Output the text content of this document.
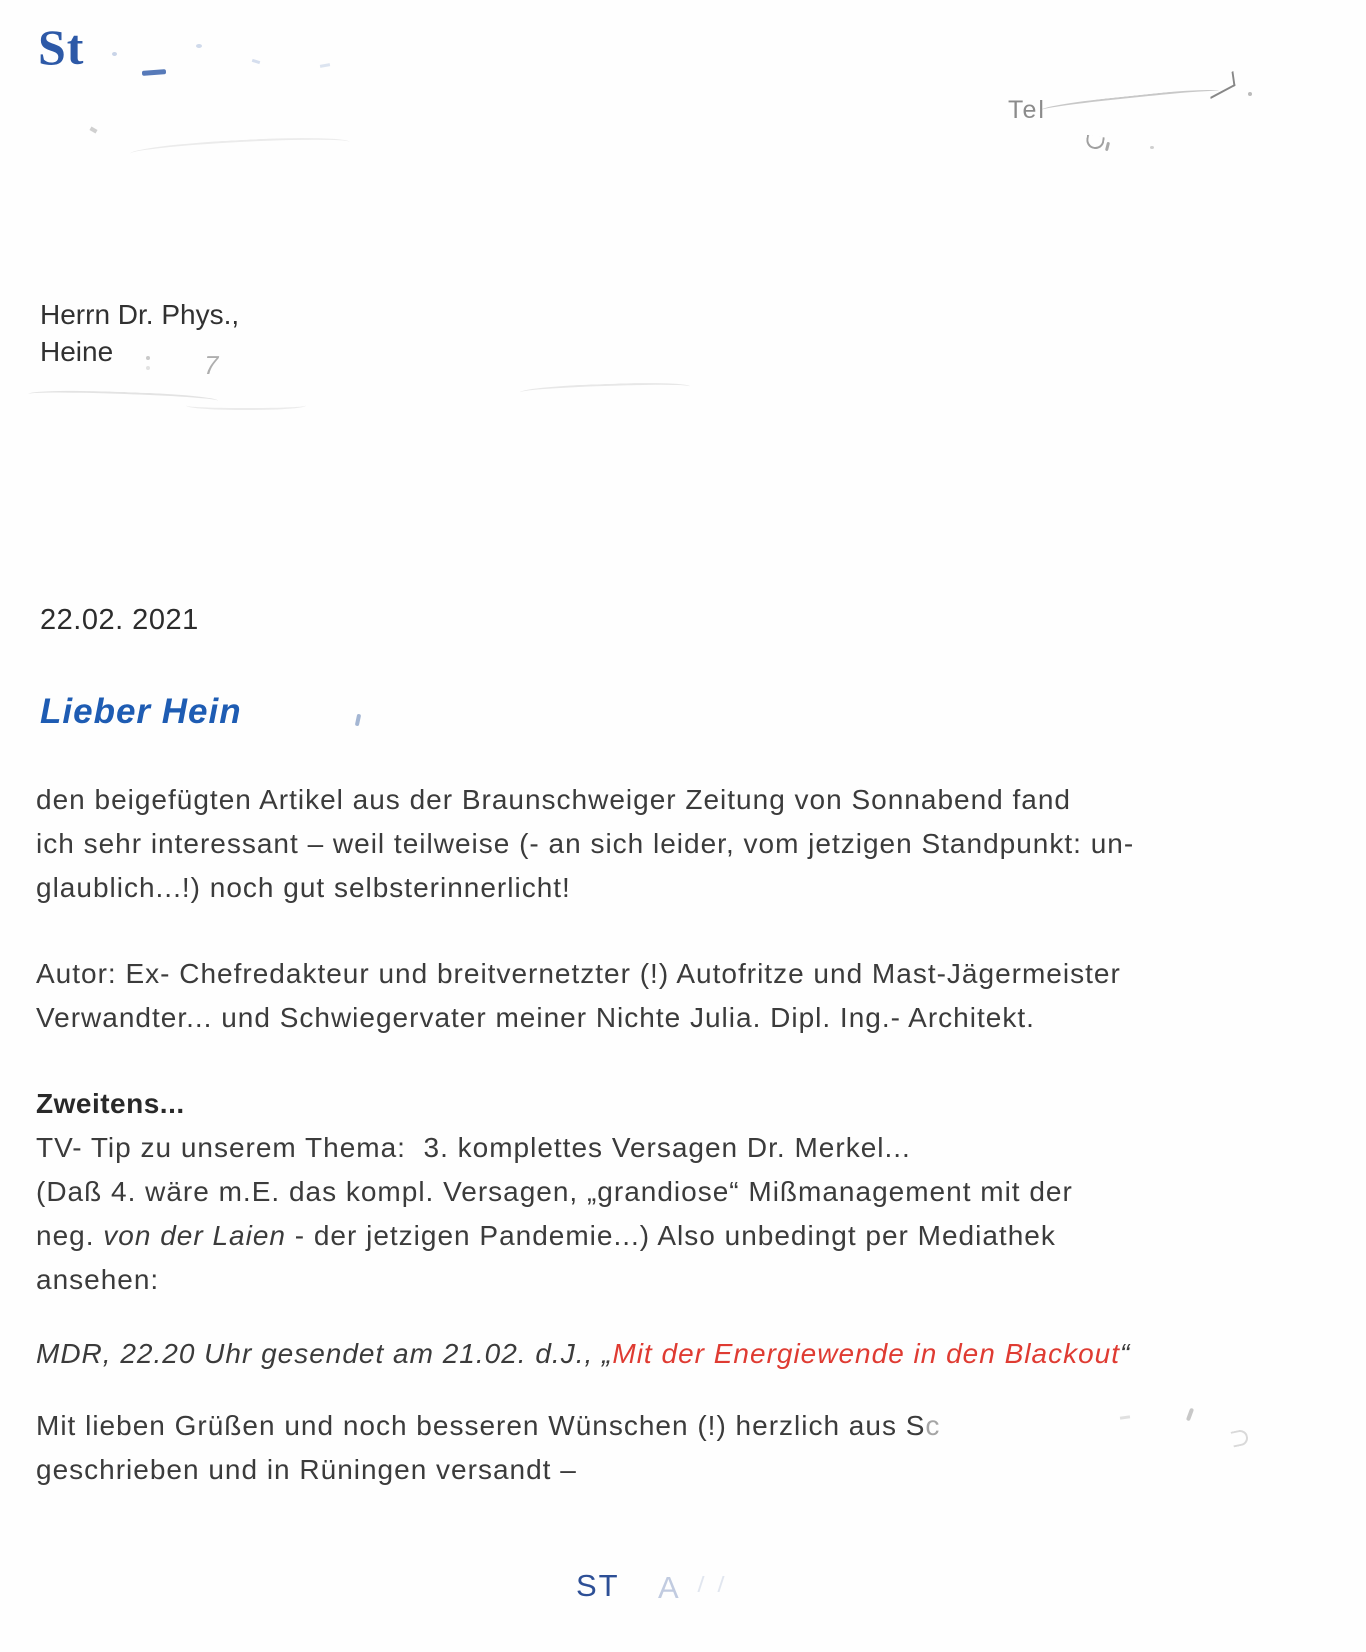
St
Tel
Herrn Dr. Phys.,
Heine	7
22.02. 2021
Lieber Hein
den beigefügten Artikel aus der Braunschweiger Zeitung von Sonnabend fand
ich sehr interessant – weil teilweise (- an sich leider, vom jetzigen Standpunkt: un-
glaublich...!) noch gut selbsterinnerlicht!
Autor: Ex- Chefredakteur und breitvernetzter (!) Autofritze und Mast-Jägermeister
Verwandter... und Schwiegervater meiner Nichte Julia. Dipl. Ing.- Architekt.
Zweitens...
TV- Tip zu unserem Thema:  3. komplettes Versagen Dr. Merkel...
(Daß 4. wäre m.E. das kompl. Versagen, „grandiose“ Mißmanagement mit der
neg. von der Laien - der jetzigen Pandemie...) Also unbedingt per Mediathek
ansehen:
MDR, 22.20 Uhr gesendet am 21.02. d.J., „Mit der Energiewende in den Blackout“
Mit lieben Grüßen und noch besseren Wünschen (!) herzlich aus Sc
geschrieben und in Rüningen versandt –
ST A
